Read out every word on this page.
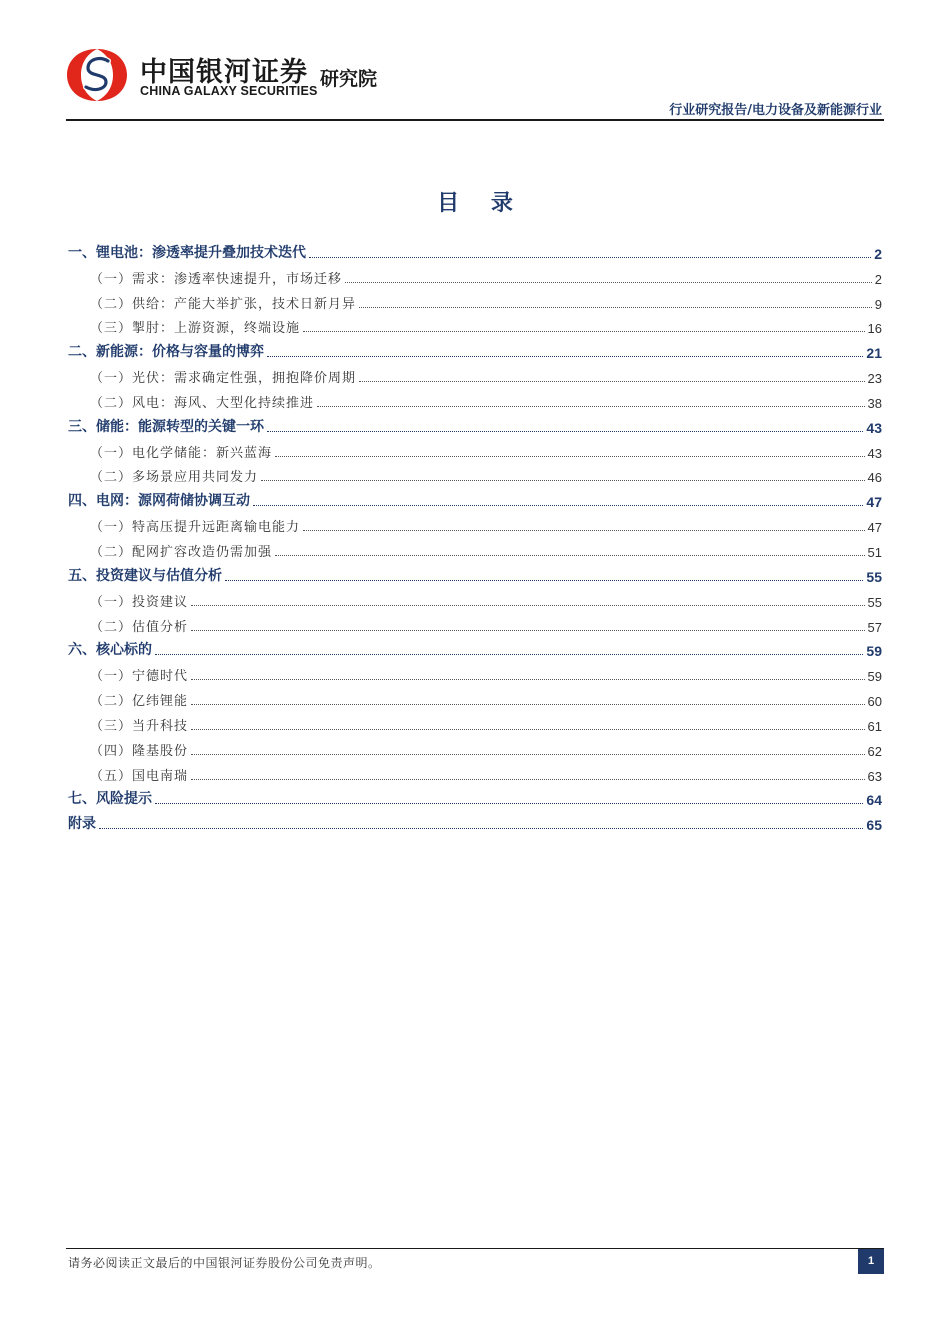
中国银河证券
CHINA GALAXY SECURITIES
研究院
行业研究报告/电力设备及新能源行业
目 录
一、锂电池：渗透率提升叠加技术迭代	2
（一）需求：渗透率快速提升，市场迁移	2
（二）供给：产能大举扩张，技术日新月异	9
（三）掣肘：上游资源，终端设施	16
二、新能源：价格与容量的博弈	21
（一）光伏：需求确定性强，拥抱降价周期	23
（二）风电：海风、大型化持续推进	38
三、储能：能源转型的关键一环	43
（一）电化学储能：新兴蓝海	43
（二）多场景应用共同发力	46
四、电网：源网荷储协调互动	47
（一）特高压提升远距离输电能力	47
（二）配网扩容改造仍需加强	51
五、投资建议与估值分析	55
（一）投资建议	55
（二）估值分析	57
六、核心标的	59
（一）宁德时代	59
（二）亿纬锂能	60
（三）当升科技	61
（四）隆基股份	62
（五）国电南瑞	63
七、风险提示	64
附录	65
请务必阅读正文最后的中国银河证券股份公司免责声明。	1
